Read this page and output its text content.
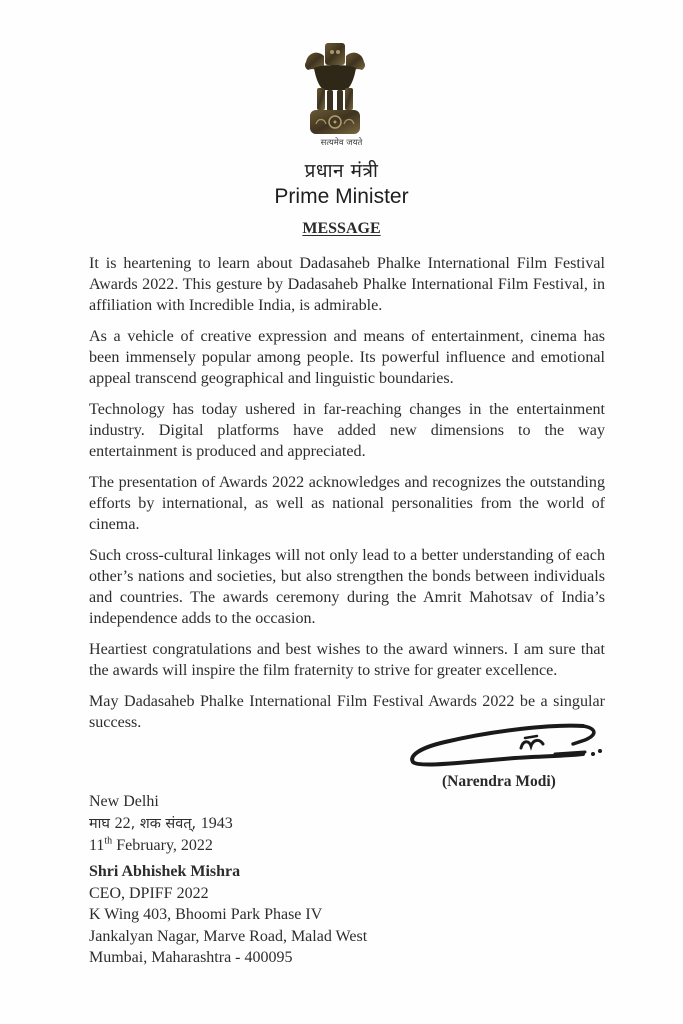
सत्यमेव जयते
प्रधान मंत्री
Prime Minister
MESSAGE

It is heartening to learn about Dadasaheb Phalke International Film Festival Awards 2022. This gesture by Dadasaheb Phalke International Film Festival, in affiliation with Incredible India, is admirable.

As a vehicle of creative expression and means of entertainment, cinema has been immensely popular among people. Its powerful influence and emotional appeal transcend geographical and linguistic boundaries.

Technology has today ushered in far-reaching changes in the entertainment industry. Digital platforms have added new dimensions to the way entertainment is produced and appreciated.

The presentation of Awards 2022 acknowledges and recognizes the outstanding efforts by international, as well as national personalities from the world of cinema.

Such cross-cultural linkages will not only lead to a better understanding of each other’s nations and societies, but also strengthen the bonds between individuals and countries. The awards ceremony during the Amrit Mahotsav of India’s independence adds to the occasion.

Heartiest congratulations and best wishes to the award winners. I am sure that the awards will inspire the film fraternity to strive for greater excellence.

May Dadasaheb Phalke International Film Festival Awards 2022 be a singular success.

(Narendra Modi)
New Delhi
माघ 22, शक संवत्, 1943
11th February, 2022
Shri Abhishek Mishra
CEO, DPIFF 2022
K Wing 403, Bhoomi Park Phase IV
Jankalyan Nagar, Marve Road, Malad West
Mumbai, Maharashtra - 400095
